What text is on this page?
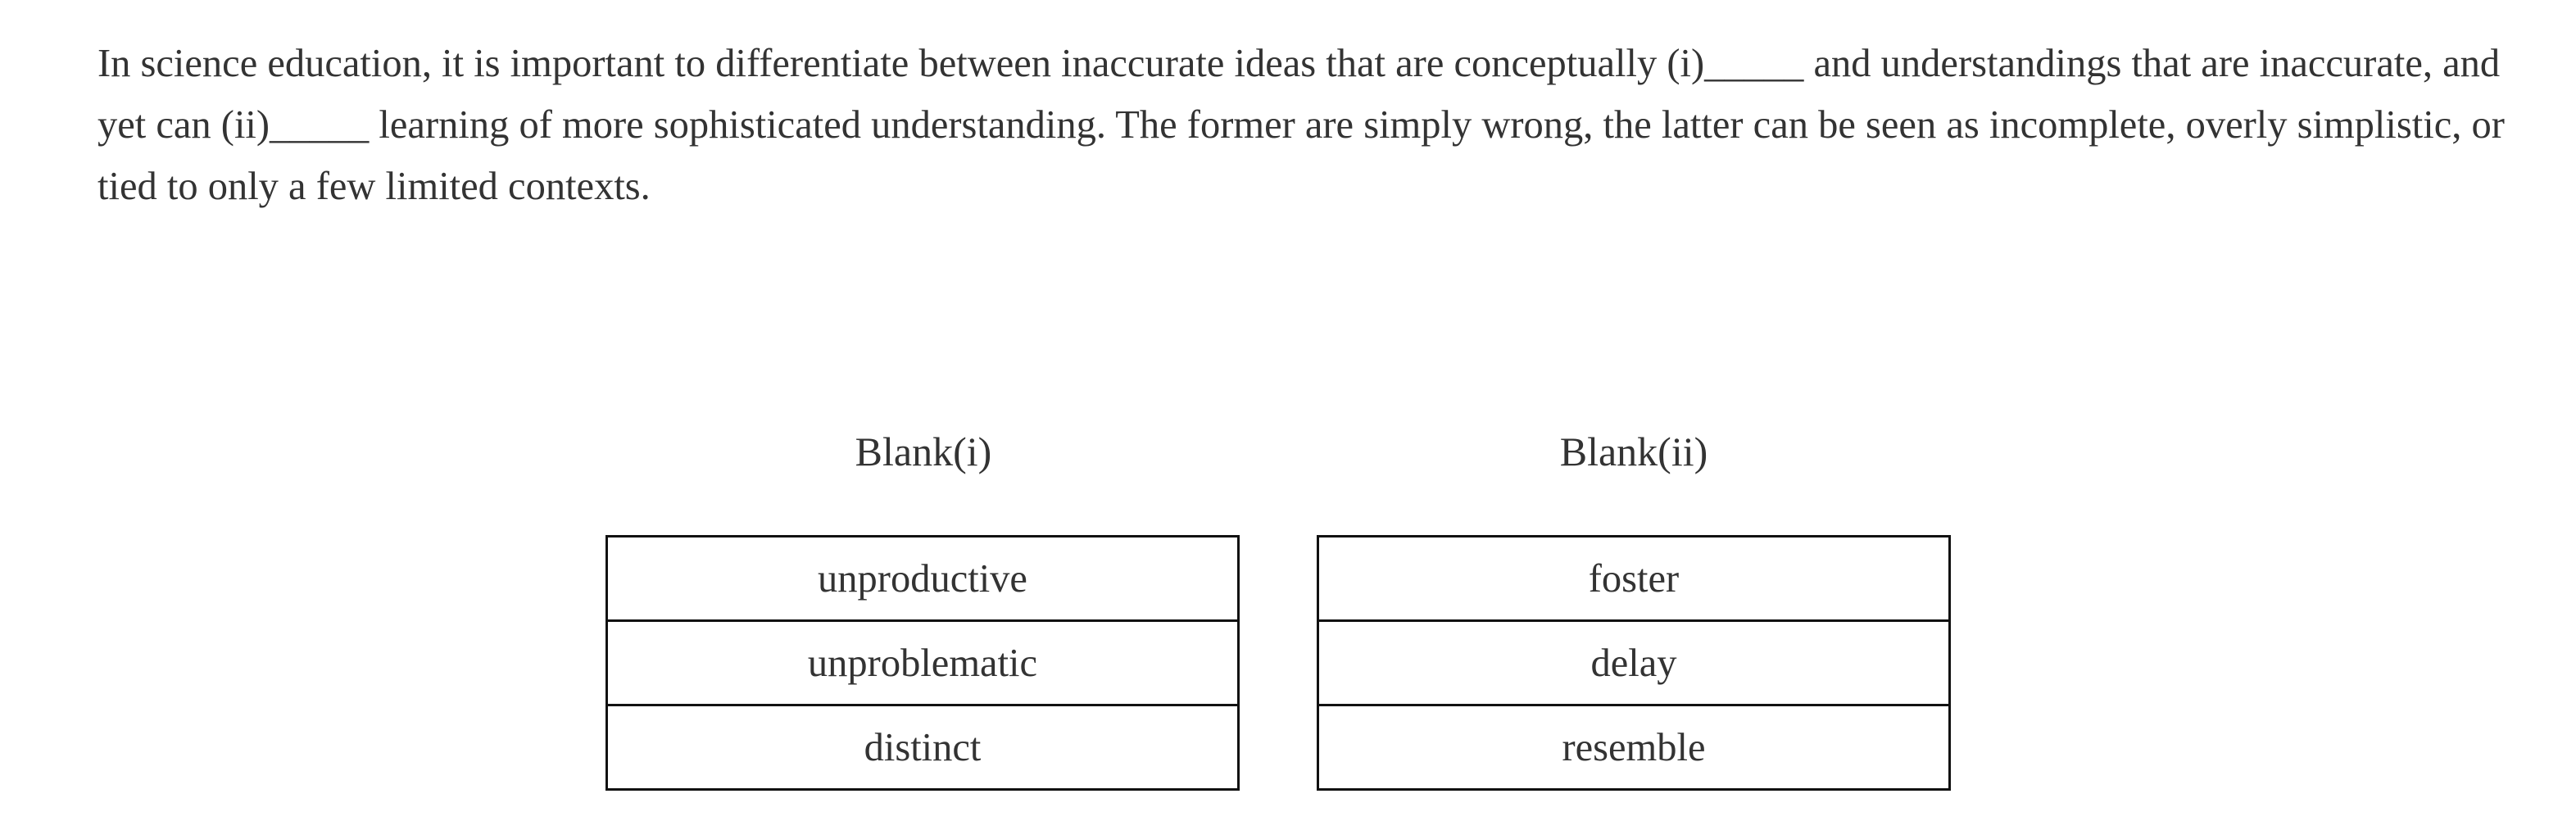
In science education, it is important to differentiate between inaccurate ideas that are conceptually (i)_____ and understandings that are inaccurate, and yet can (ii)_____ learning of more sophisticated understanding. The former are simply wrong, the latter can be seen as incomplete, overly simplistic, or tied to only a few limited contexts.

Blank(i)
unproductive
unproblematic
distinct
Blank(ii)
foster
delay
resemble
